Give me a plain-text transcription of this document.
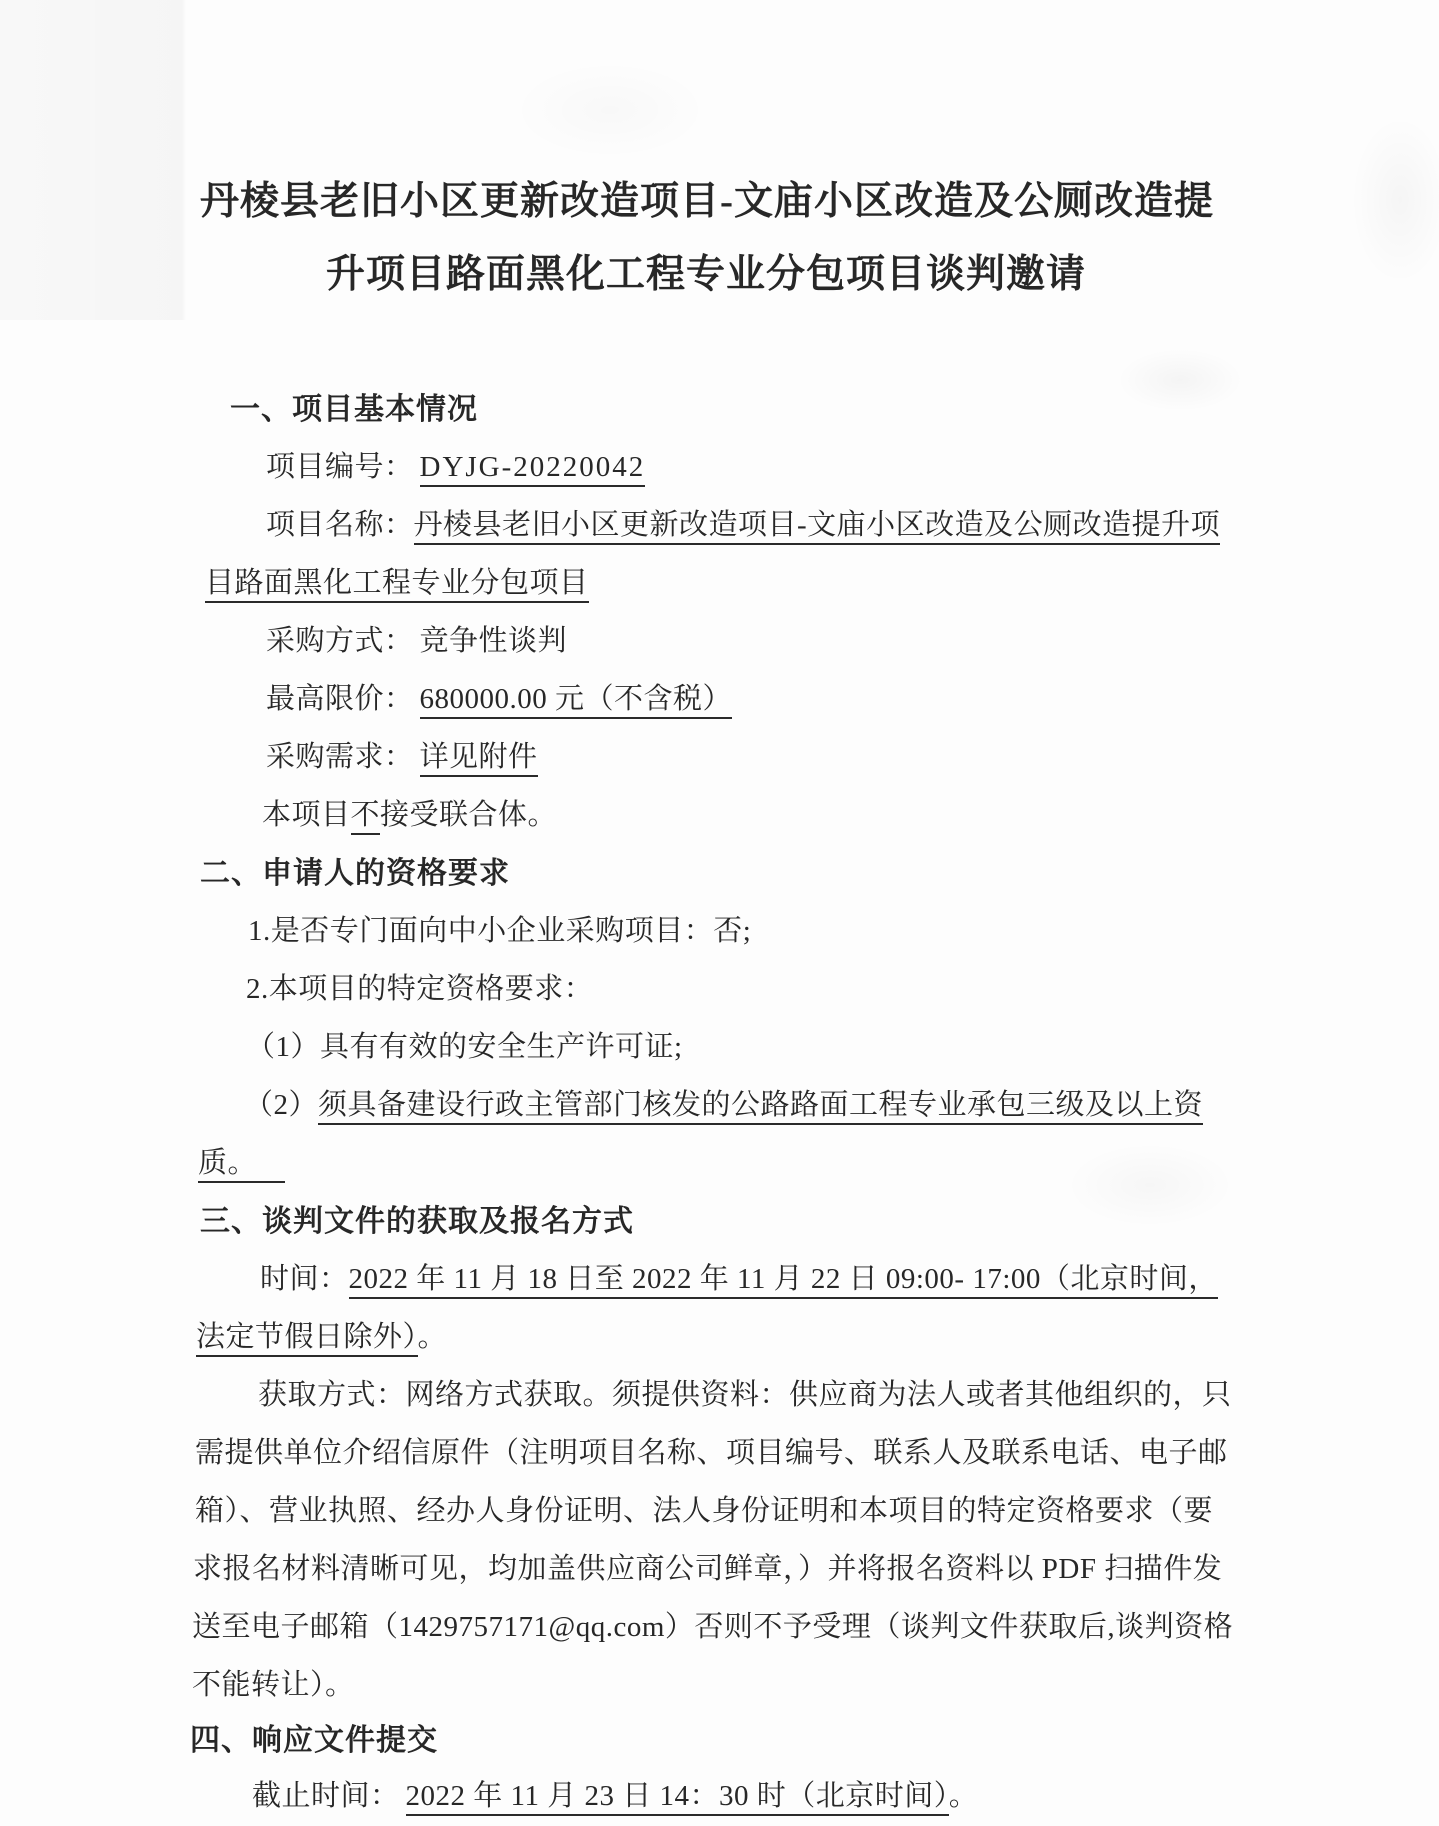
丹棱县老旧小区更新改造项目-文庙小区改造及公厕改造提
升项目路面黑化工程专业分包项目谈判邀请
一、项目基本情况
项目编号： DYJG-20220042
项目名称：丹棱县老旧小区更新改造项目-文庙小区改造及公厕改造提升项
目路面黑化工程专业分包项目
采购方式： 竞争性谈判
最高限价： 680000.00 元（不含税）
采购需求： 详见附件
本项目不接受联合体。
二、申请人的资格要求
1.是否专门面向中小企业采购项目：否;
2.本项目的特定资格要求：
（1）具有有效的安全生产许可证;
（2）须具备建设行政主管部门核发的公路路面工程专业承包三级及以上资
质。
三、谈判文件的获取及报名方式
时间：2022 年 11 月 18 日至 2022 年 11 月 22 日 09:00- 17:00（北京时间，
法定节假日除外）。
获取方式：网络方式获取。须提供资料：供应商为法人或者其他组织的，只
需提供单位介绍信原件（注明项目名称、项目编号、联系人及联系电话、电子邮
箱）、营业执照、经办人身份证明、法人身份证明和本项目的特定资格要求（要
求报名材料清晰可见，均加盖供应商公司鲜章，）并将报名资料以 PDF 扫描件发
送至电子邮箱（1429757171@qq.com）否则不予受理（谈判文件获取后,谈判资格
不能转让）。
四、响应文件提交
截止时间： 2022 年 11 月 23 日 14：30 时（北京时间）。
